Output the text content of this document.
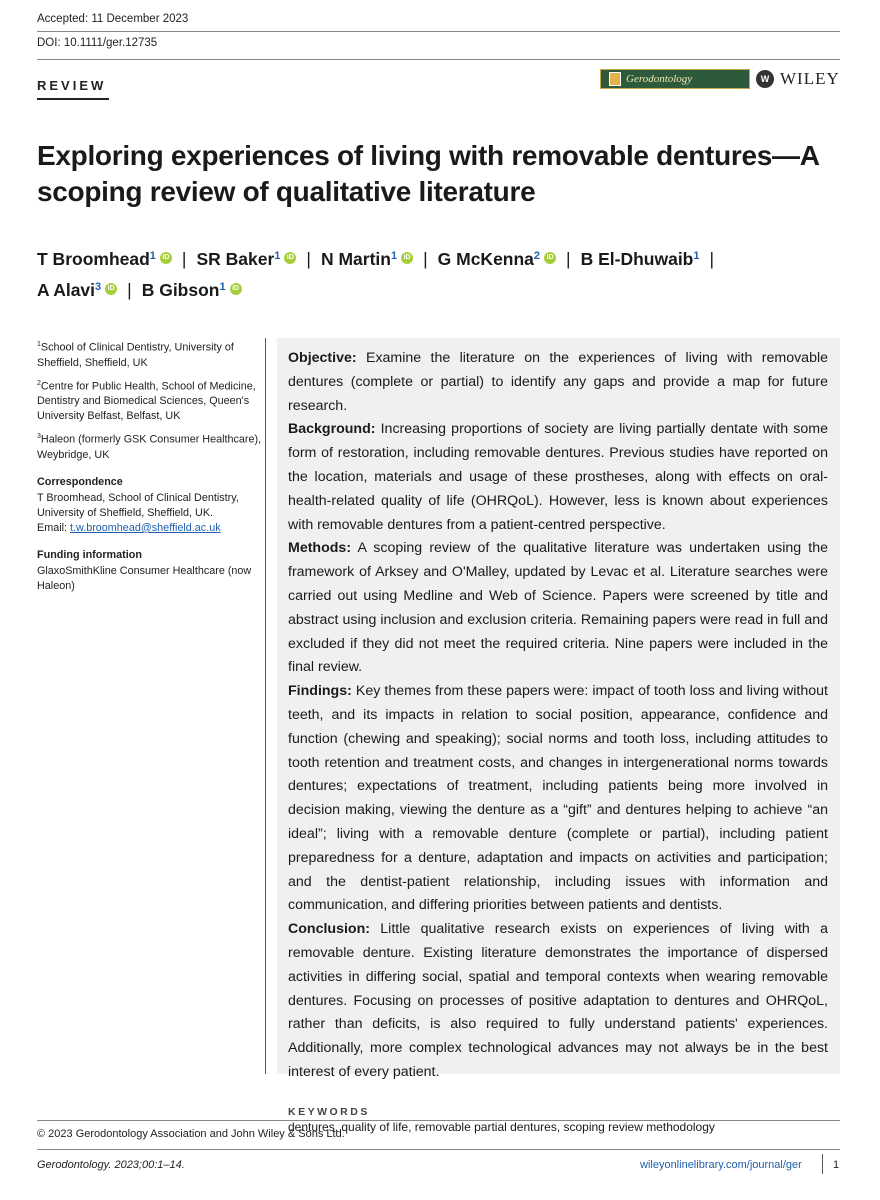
Accepted: 11 December 2023
DOI: 10.1111/ger.12735
REVIEW	Gerodontology	W WILEY
Exploring experiences of living with removable dentures—A scoping review of qualitative literature
T Broomhead$^1$ iD | SR Baker$^1$ iD | N Martin$^1$ iD | G McKenna$^2$ iD | B El-Dhuwaib$^1$ |
A Alavi$^3$ iD | B Gibson$^1$ iD

$^1$School of Clinical Dentistry, University of Sheffield, Sheffield, UK

$^2$Centre for Public Health, School of Medicine, Dentistry and Biomedical Sciences, Queen's University Belfast, Belfast, UK

$^3$Haleon (formerly GSK Consumer Healthcare), Weybridge, UK

Correspondence

T Broomhead, School of Clinical Dentistry, University of Sheffield, Sheffield, UK.
Email: t.w.broomhead@sheffield.ac.uk

Funding information

GlaxoSmithKline Consumer Healthcare (now Haleon)

Objective: Examine the literature on the experiences of living with removable dentures (complete or partial) to identify any gaps and provide a map for future research.

Background: Increasing proportions of society are living partially dentate with some form of restoration, including removable dentures. Previous studies have reported on the location, materials and usage of these prostheses, along with effects on oral-health-related quality of life (OHRQoL). However, less is known about experiences with removable dentures from a patient-centred perspective.

Methods: A scoping review of the qualitative literature was undertaken using the framework of Arksey and O'Malley, updated by Levac et al. Literature searches were carried out using Medline and Web of Science. Papers were screened by title and abstract using inclusion and exclusion criteria. Remaining papers were read in full and excluded if they did not meet the required criteria. Nine papers were included in the final review.

Findings: Key themes from these papers were: impact of tooth loss and living without teeth, and its impacts in relation to social position, appearance, confidence and function (chewing and speaking); social norms and tooth loss, including attitudes to tooth retention and treatment costs, and changes in intergenerational norms towards dentures; expectations of treatment, including patients being more involved in decision making, viewing the denture as a “gift” and dentures helping to achieve “an ideal”; living with a removable denture (complete or partial), including patient preparedness for a denture, adaptation and impacts on activities and participation; and the dentist-patient relationship, including issues with information and communication, and differing priorities between patients and dentists.

Conclusion: Little qualitative research exists on experiences of living with a removable denture. Existing literature demonstrates the importance of dispersed activities in differing social, spatial and temporal contexts when wearing removable dentures. Focusing on processes of positive adaptation to dentures and OHRQoL, rather than deficits, is also required to fully understand patients' experiences. Additionally, more complex technological advances may not always be in the best interest of every patient.

KEYWORDS

dentures, quality of life, removable partial dentures, scoping review methodology

© 2023 Gerodontology Association and John Wiley & Sons Ltd.
Gerodontology. 2023;00:1–14.	wileyonlinelibrary.com/journal/ger	1
